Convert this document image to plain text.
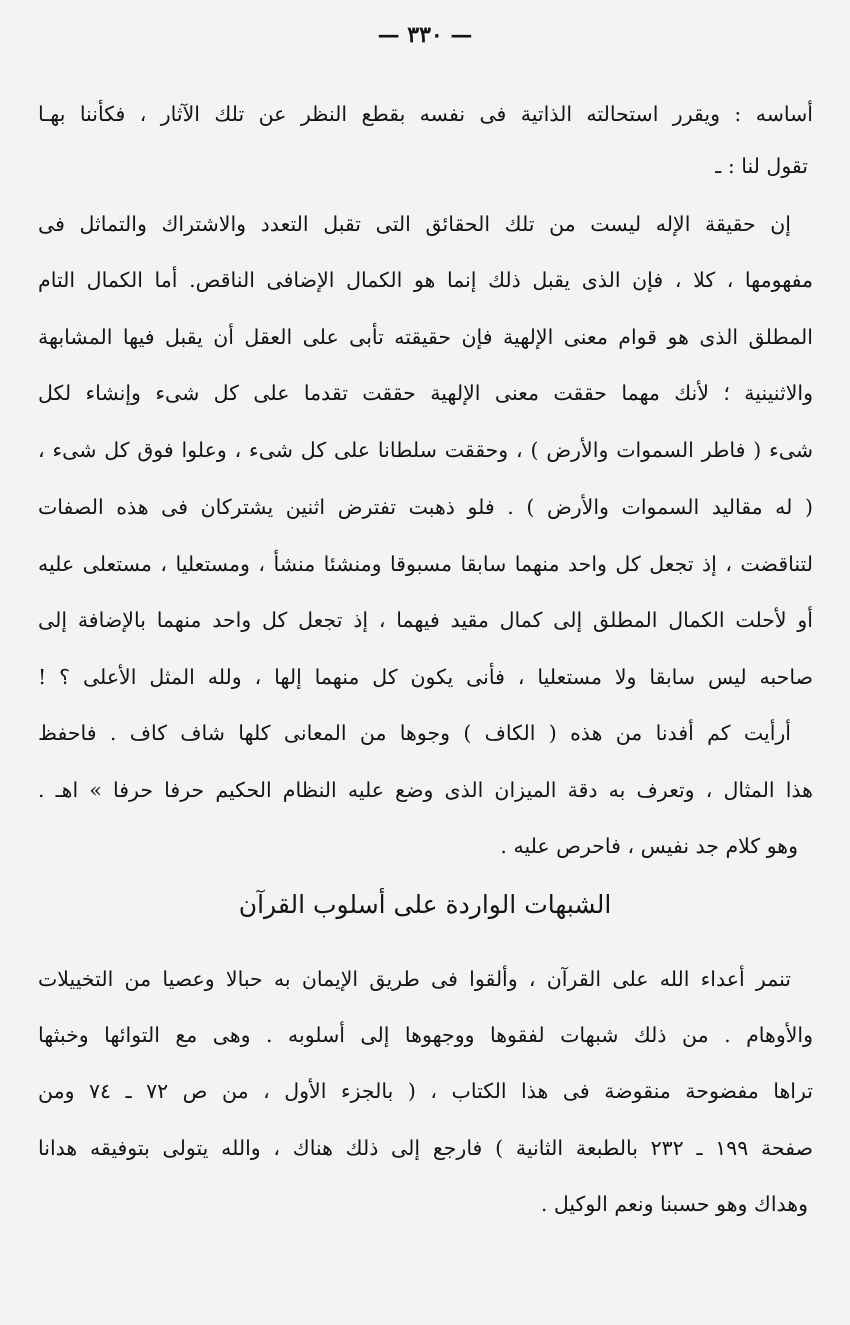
— ٣٣٠ —
أساسه : ويقرر استحالته الذاتية فى نفسه بقطع النظر عن تلك الآثار ، فكأننا بهـا
تقول لنا : ـ
إن حقيقة الإله ليست من تلك الحقائق التى تقبل التعدد والاشتراك والتماثل فى
مفهومها ، كلا ، فإن الذى يقبل ذلك إنما هو الكمال الإضافى الناقص. أما الكمال التام
المطلق الذى هو قوام معنى الإلهية فإن حقيقته تأبى على العقل أن يقبل فيها المشابهة
والاثنينية ؛ لأنك مهما حققت معنى الإلهية حققت تقدما على كل شىء وإنشاء لكل
شىء ( فاطر السموات والأرض ) ، وحققت سلطانا على كل شىء ، وعلوا فوق كل شىء ،
( له مقاليد السموات والأرض ) . فلو ذهبت تفترض اثنين يشتركان فى هذه الصفات
لتناقضت ، إذ تجعل كل واحد منهما سابقا مسبوقا ومنشئا منشأ ، ومستعليا ، مستعلى عليه
أو لأحلت الكمال المطلق إلى كمال مقيد فيهما ، إذ تجعل كل واحد منهما بالإضافة إلى
صاحبه ليس سابقا ولا مستعليا ، فأنى يكون كل منهما إلها ، ولله المثل الأعلى ؟ !
أرأيت كم أفدنا من هذه ( الكاف ) وجوها من المعانى كلها شاف كاف . فاحفظ
هذا المثال ، وتعرف به دقة الميزان الذى وضع عليه النظام الحكيم حرفا حرفا » اهـ .
وهو كلام جد نفيس ، فاحرص عليه .
الشبهات الواردة على أسلوب القرآن
تنمر أعداء الله على القرآن ، وألقوا فى طريق الإيمان به حبالا وعصيا من التخييلات
والأوهام . من ذلك شبهات لفقوها ووجهوها إلى أسلوبه . وهى مع التوائها وخبثها
تراها مفضوحة منقوضة فى هذا الكتاب ، ( بالجزء الأول ، من ص ٧٢ ـ ٧٤ ومن
صفحة ١٩٩ ـ ٢٣٢ بالطبعة الثانية ) فارجع إلى ذلك هناك ، والله يتولى بتوفيقه هدانا
وهداك وهو حسبنا ونعم الوكيل .
